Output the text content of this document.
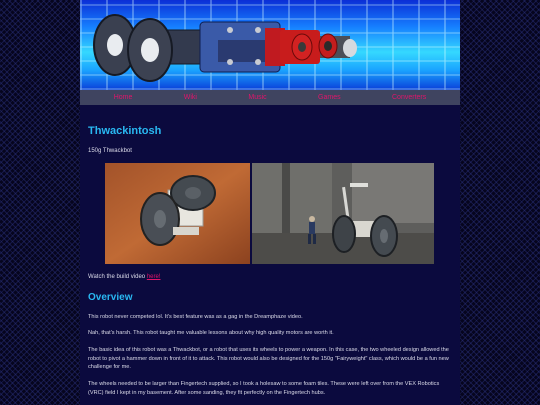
Home	Wiki	Music	Games	Converters
Thwackintosh
150g Thwackbot
Watch the build video here!
Overview

This robot never competed lol. It's best feature was as a gag in the Dreamphaze video.

Nah, that's harsh. This robot taught me valuable lessons about why high quality motors are worth it.

The basic idea of this robot was a Thwackbot, or a robot that uses its wheels to power a weapon. In this case, the two wheeled design allowed the robot to pivot a hammer down in front of it to attack. This robot would also be designed for the 150g "Fairyweight" class, which would be a fun new challenge for me.

The wheels needed to be larger than Fingertech supplied, so I took a holesaw to some foam tiles. These were left over from the VEX Robotics (VRC) field I kept in my basement. After some sanding, they fit perfectly on the Fingertech hubs.
